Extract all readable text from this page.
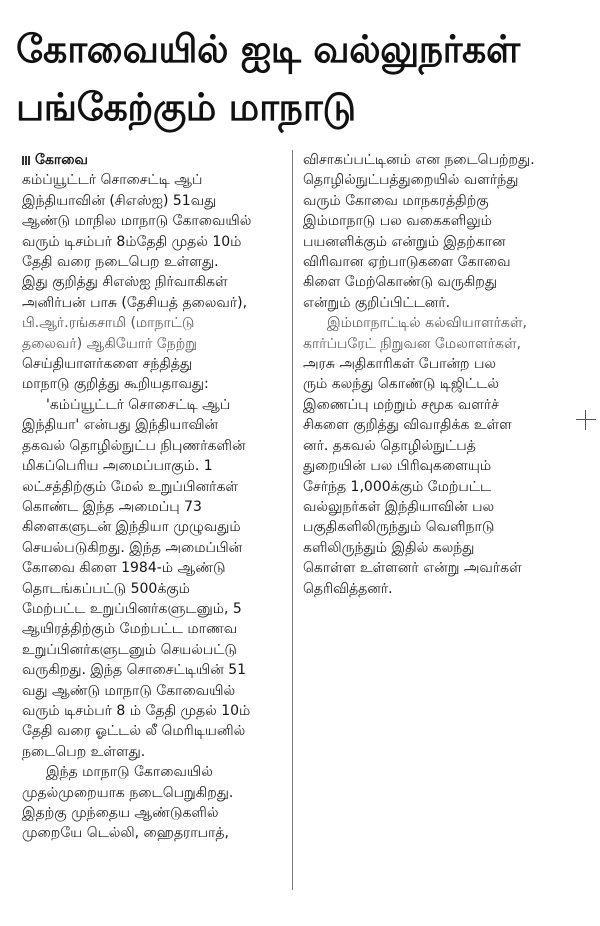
கோவையில் ஐடி வல்லுநர்கள்
பங்கேற்கும் மாநாடு
கோவை
கம்ப்யூட்டர் சொசைட்டி ஆப்
இந்தியாவின் (சிஎஸ்ஐ) 51வது
ஆண்டு மாநில மாநாடு கோவையில்
வரும் டிசம்பர் 8ம்தேதி முதல் 10ம்
தேதி வரை நடைபெற உள்ளது.
இது குறித்து சிஎஸ்ஐ நிர்வாகிகள்
அனிர்பன் பாசு (தேசியத் தலைவர்),
பி.ஆர்.ரங்கசாமி (மாநாட்டு
தலைவர்) ஆகியோர் நேற்று
செய்தியாளர்களை சந்தித்து
மாநாடு குறித்து கூறியதாவது:
'கம்ப்யூட்டர் சொசைட்டி ஆப்
இந்தியா' என்பது இந்தியாவின்
தகவல் தொழில்நுட்ப நிபுணர்களின்
மிகப்பெரிய அமைப்பாகும். 1
லட்சத்திற்கும் மேல் உறுப்பினர்கள்
கொண்ட இந்த அமைப்பு 73
கிளைகளுடன் இந்தியா முழுவதும்
செயல்படுகிறது. இந்த அமைப்பின்
கோவை கிளை 1984-ம் ஆண்டு
தொடங்கப்பட்டு 500க்கும்
மேற்பட்ட உறுப்பினர்களுடனும், 5
ஆயிரத்திற்கும் மேற்பட்ட மாணவ
உறுப்பினர்களுடனும் செயல்பட்டு
வருகிறது. இந்த சொசைட்டியின் 51
வது ஆண்டு மாநாடு கோவையில்
வரும் டிசம்பர் 8 ம் தேதி முதல் 10ம்
தேதி வரை ஓட்டல் லீ மெரிடியனில்
நடைபெற உள்ளது.
இந்த மாநாடு கோவையில்
முதல்முறையாக நடைபெறுகிறது.
இதற்கு முந்தைய ஆண்டுகளில்
முறையே டெல்லி, ஹைதராபாத்,
விசாகப்பட்டினம் என நடைபெற்றது.
தொழில்நுட்பத்துறையில் வளர்ந்து
வரும் கோவை மாநகரத்திற்கு
இம்மாநாடு பல வகைகளிலும்
பயனளிக்கும் என்றும் இதற்கான
விரிவான ஏற்பாடுகளை கோவை
கிளை மேற்கொண்டு வருகிறது
என்றும் குறிப்பிட்டனர்.
இம்மாநாட்டில் கல்வியாளர்கள்,
கார்ப்பரேட் நிறுவன மேலாளர்கள்,
அரசு அதிகாரிகள் போன்ற பல
ரும் கலந்து கொண்டு டிஜிட்டல்
இணைப்பு மற்றும் சமூக வளர்ச்
சிகளை குறித்து விவாதிக்க உள்ள
னர். தகவல் தொழில்நுட்பத்
துறையின் பல பிரிவுகளையும்
சேர்ந்த 1,000க்கும் மேற்பட்ட
வல்லுநர்கள் இந்தியாவின் பல
பகுதிகளிலிருந்தும் வெளிநாடு
களிலிருந்தும் இதில் கலந்து
கொள்ள உள்ளனர் என்று அவர்கள்
தெரிவித்தனர்.
